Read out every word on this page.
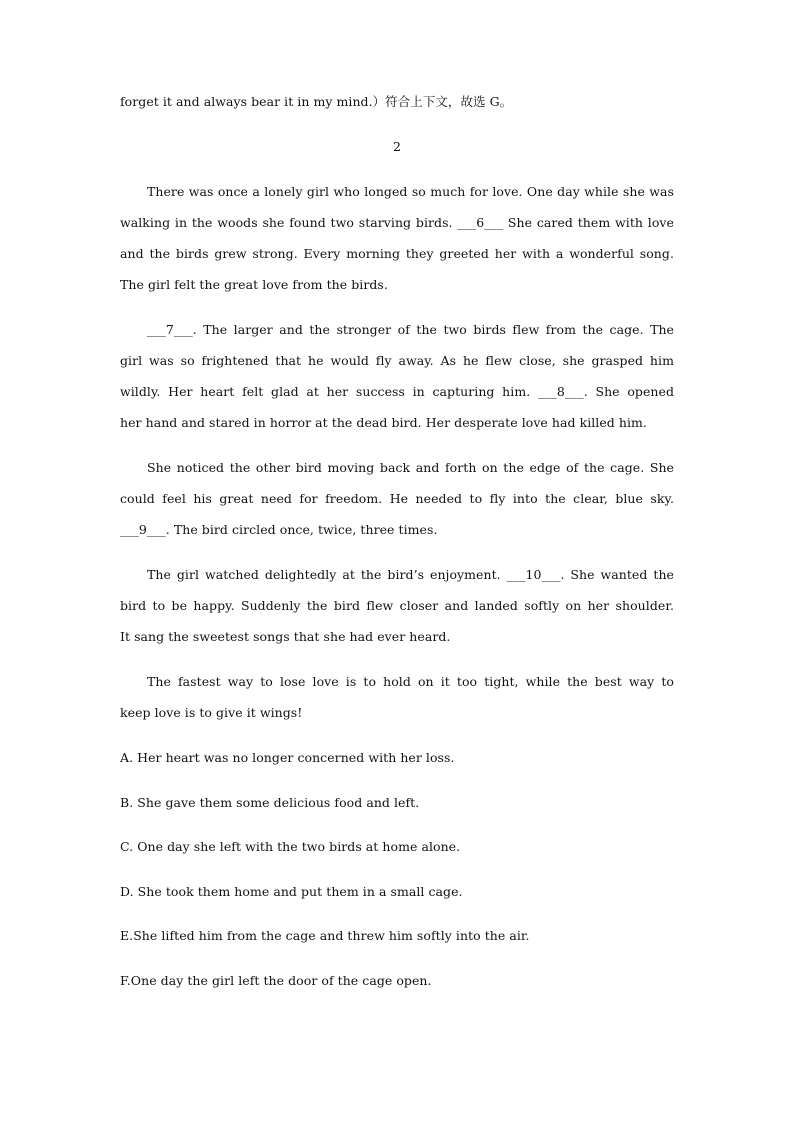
forget it and always bear it in my mind.）符合上下文，故选 G。
2
There was once a lonely girl who longed so much for love. One day while she was
walking in the woods she found two starving birds. ___6___ She cared them with love
and the birds grew strong. Every morning they greeted her with a wonderful song.
The girl felt the great love from the birds.
___7___. The larger and the stronger of the two birds flew from the cage. The
girl was so frightened that he would fly away. As he flew close, she grasped him
wildly. Her heart felt glad at her success in capturing him. ___8___. She opened
her hand and stared in horror at the dead bird. Her desperate love had killed him.
She noticed the other bird moving back and forth on the edge of the cage. She
could feel his great need for freedom. He needed to fly into the clear, blue sky.
___9___. The bird circled once, twice, three times.
The girl watched delightedly at the bird’s enjoyment. ___10___. She wanted the
bird to be happy. Suddenly the bird flew closer and landed softly on her shoulder.
It sang the sweetest songs that she had ever heard.
The fastest way to lose love is to hold on it too tight, while the best way to
keep love is to give it wings!
A. Her heart was no longer concerned with her loss.
B. She gave them some delicious food and left.
C. One day she left with the two birds at home alone.
D. She took them home and put them in a small cage.
E.She lifted him from the cage and threw him softly into the air.
F.One day the girl left the door of the cage open.
